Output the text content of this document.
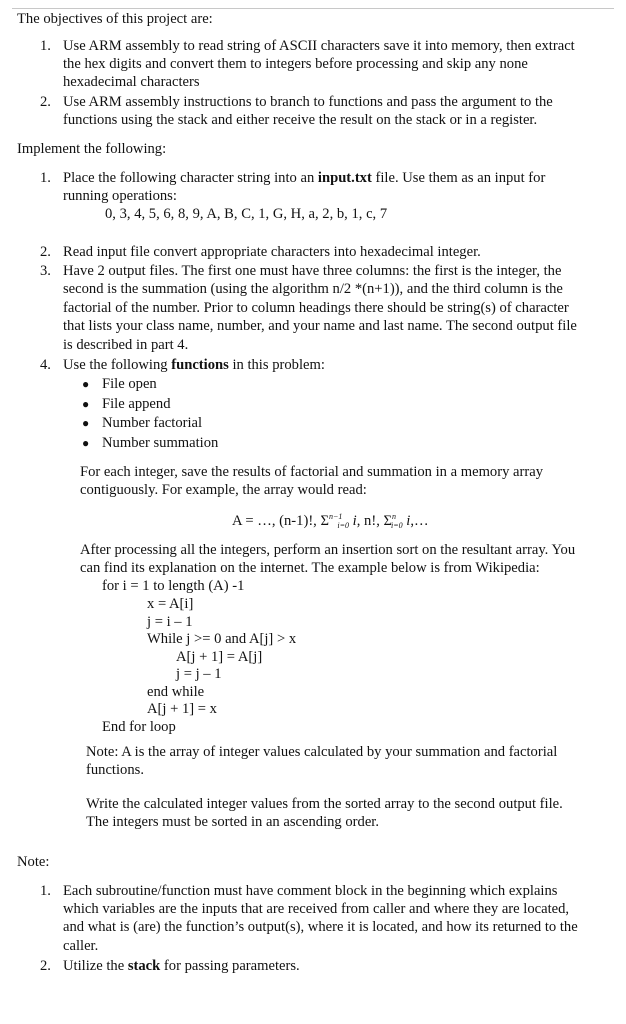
The objectives of this project are:
1. Use ARM assembly to read string of ASCII characters save it into memory, then extract
the hex digits and convert them to integers before processing and skip any none
hexadecimal characters
2. Use ARM assembly instructions to branch to functions and pass the argument to the
functions using the stack and either receive the result on the stack or in a register.
Implement the following:
1. Place the following character string into an input.txt file. Use them as an input for
running operations:
0, 3, 4, 5, 6, 8, 9, A, B, C, 1, G, H, a, 2, b, 1, c, 7
2. Read input file convert appropriate characters into hexadecimal integer.
3. Have 2 output files. The first one must have three columns: the first is the integer, the
second is the summation (using the algorithm n/2 *(n+1)), and the third column is the
factorial of the number. Prior to column headings there should be string(s) of character
that lists your class name, number, and your name and last name. The second output file
is described in part 4.
4. Use the following functions in this problem:
● File open
● File append
● Number factorial
● Number summation
For each integer, save the results of factorial and summation in a memory array
contiguously. For example, the array would read:
A = …, (n-1)!, $\Sigma^{n-1}_{i=0}$ i, n!, $\Sigma^n_{i=0}$ i,…
After processing all the integers, perform an insertion sort on the resultant array. You
can find its explanation on the internet. The example below is from Wikipedia:
for i = 1 to length (A) -1
x = A[i]
j = i – 1
While j >= 0 and A[j] > x
A[j + 1] = A[j]
j = j – 1
end while
A[j + 1] = x
End for loop
Note: A is the array of integer values calculated by your summation and factorial
functions.
Write the calculated integer values from the sorted array to the second output file.
The integers must be sorted in an ascending order.
Note:
1. Each subroutine/function must have comment block in the beginning which explains
which variables are the inputs that are received from caller and where they are located,
and what is (are) the function’s output(s), where it is located, and how its returned to the
caller.
2. Utilize the stack for passing parameters.
